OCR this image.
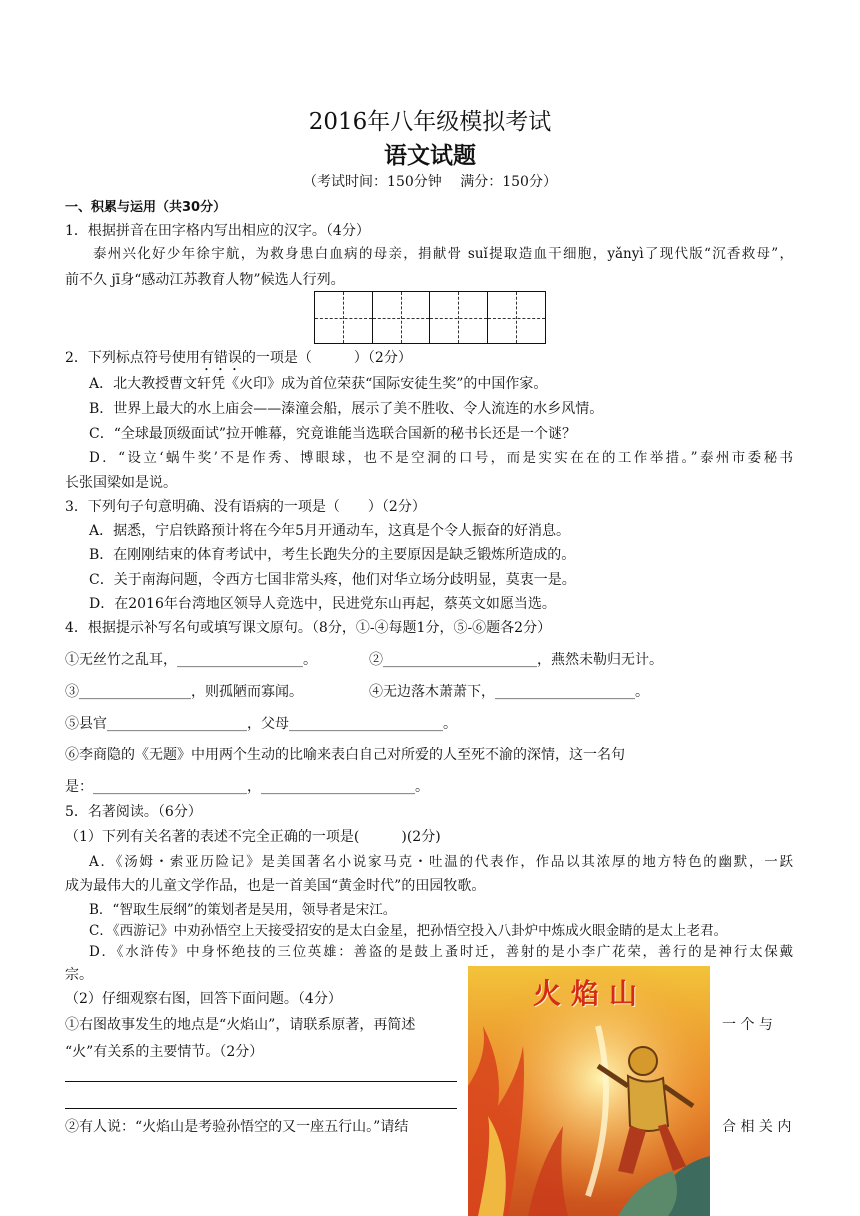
2016年八年级模拟考试
语文试题
（考试时间：150分钟　 满分：150分）
一、积累与运用（共30分）
1．根据拼音在田字格内写出相应的汉字。（4分）
泰州兴化好少年徐宇航，为救身患白血病的母亲，捐献骨 suǐ提取造血干细胞，yǎnyì了现代版“沉香救母”，
前不久 jī身“感动江苏教育人物”候选人行列。
2．下列标点符号使用有错误的一项是（　　　）（2分）
A．北大教授曹文轩凭《火印》成为首位荣获“国际安徒生奖”的中国作家。
B．世界上最大的水上庙会——溱潼会船，展示了美不胜收、令人流连的水乡风情。
C．“全球最顶级面试”拉开帷幕，究竟谁能当选联合国新的秘书长还是一个谜？
D．“设立‘蜗牛奖’不是作秀、博眼球，也不是空洞的口号，而是实实在在的工作举措。”泰州市委秘书
长张国梁如是说。
3．下列句子句意明确、没有语病的一项是（　　）（2分）
A．据悉，宁启铁路预计将在今年5月开通动车，这真是个令人振奋的好消息。
B．在刚刚结束的体育考试中，考生长跑失分的主要原因是缺乏锻炼所造成的。
C．关于南海问题，令西方七国非常头疼，他们对华立场分歧明显，莫衷一是。
D．在2016年台湾地区领导人竞选中，民进党东山再起，蔡英文如愿当选。
4．根据提示补写名句或填写课文原句。（8分，①-④每题1分，⑤-⑥题各2分）
①无丝竹之乱耳，__________________。	②______________________，燕然未勒归无计。
③________________，则孤陋而寡闻。	④无边落木萧萧下，____________________。
⑤县官____________________，父母______________________。
⑥李商隐的《无题》中用两个生动的比喻来表白自己对所爱的人至死不渝的深情，这一名句
是：______________________，______________________。
5．名著阅读。（6分）
（1）下列有关名著的表述不完全正确的一项是(　　　)(2分)
A．《汤姆・索亚历险记》是美国著名小说家马克・吐温的代表作，作品以其浓厚的地方特色的幽默，一跃
成为最伟大的儿童文学作品，也是一首美国“黄金时代”的田园牧歌。
B．“智取生辰纲”的策划者是吴用，领导者是宋江。
C．《西游记》中劝孙悟空上天接受招安的是太白金星，把孙悟空投入八卦炉中炼成火眼金睛的是太上老君。
D．《水浒传》中身怀绝技的三位英雄：善盗的是鼓上蚤时迁，善射的是小李广花荣，善行的是神行太保戴
宗。
（2）仔细观察右图，回答下面问题。（4分）
①右图故事发生的地点是“火焰山”，请联系原著，再简述	一 个 与
“火”有关系的主要情节。（2分）
②有人说：“火焰山是考验孙悟空的又一座五行山。”请结	合 相 关 内
火焰山
